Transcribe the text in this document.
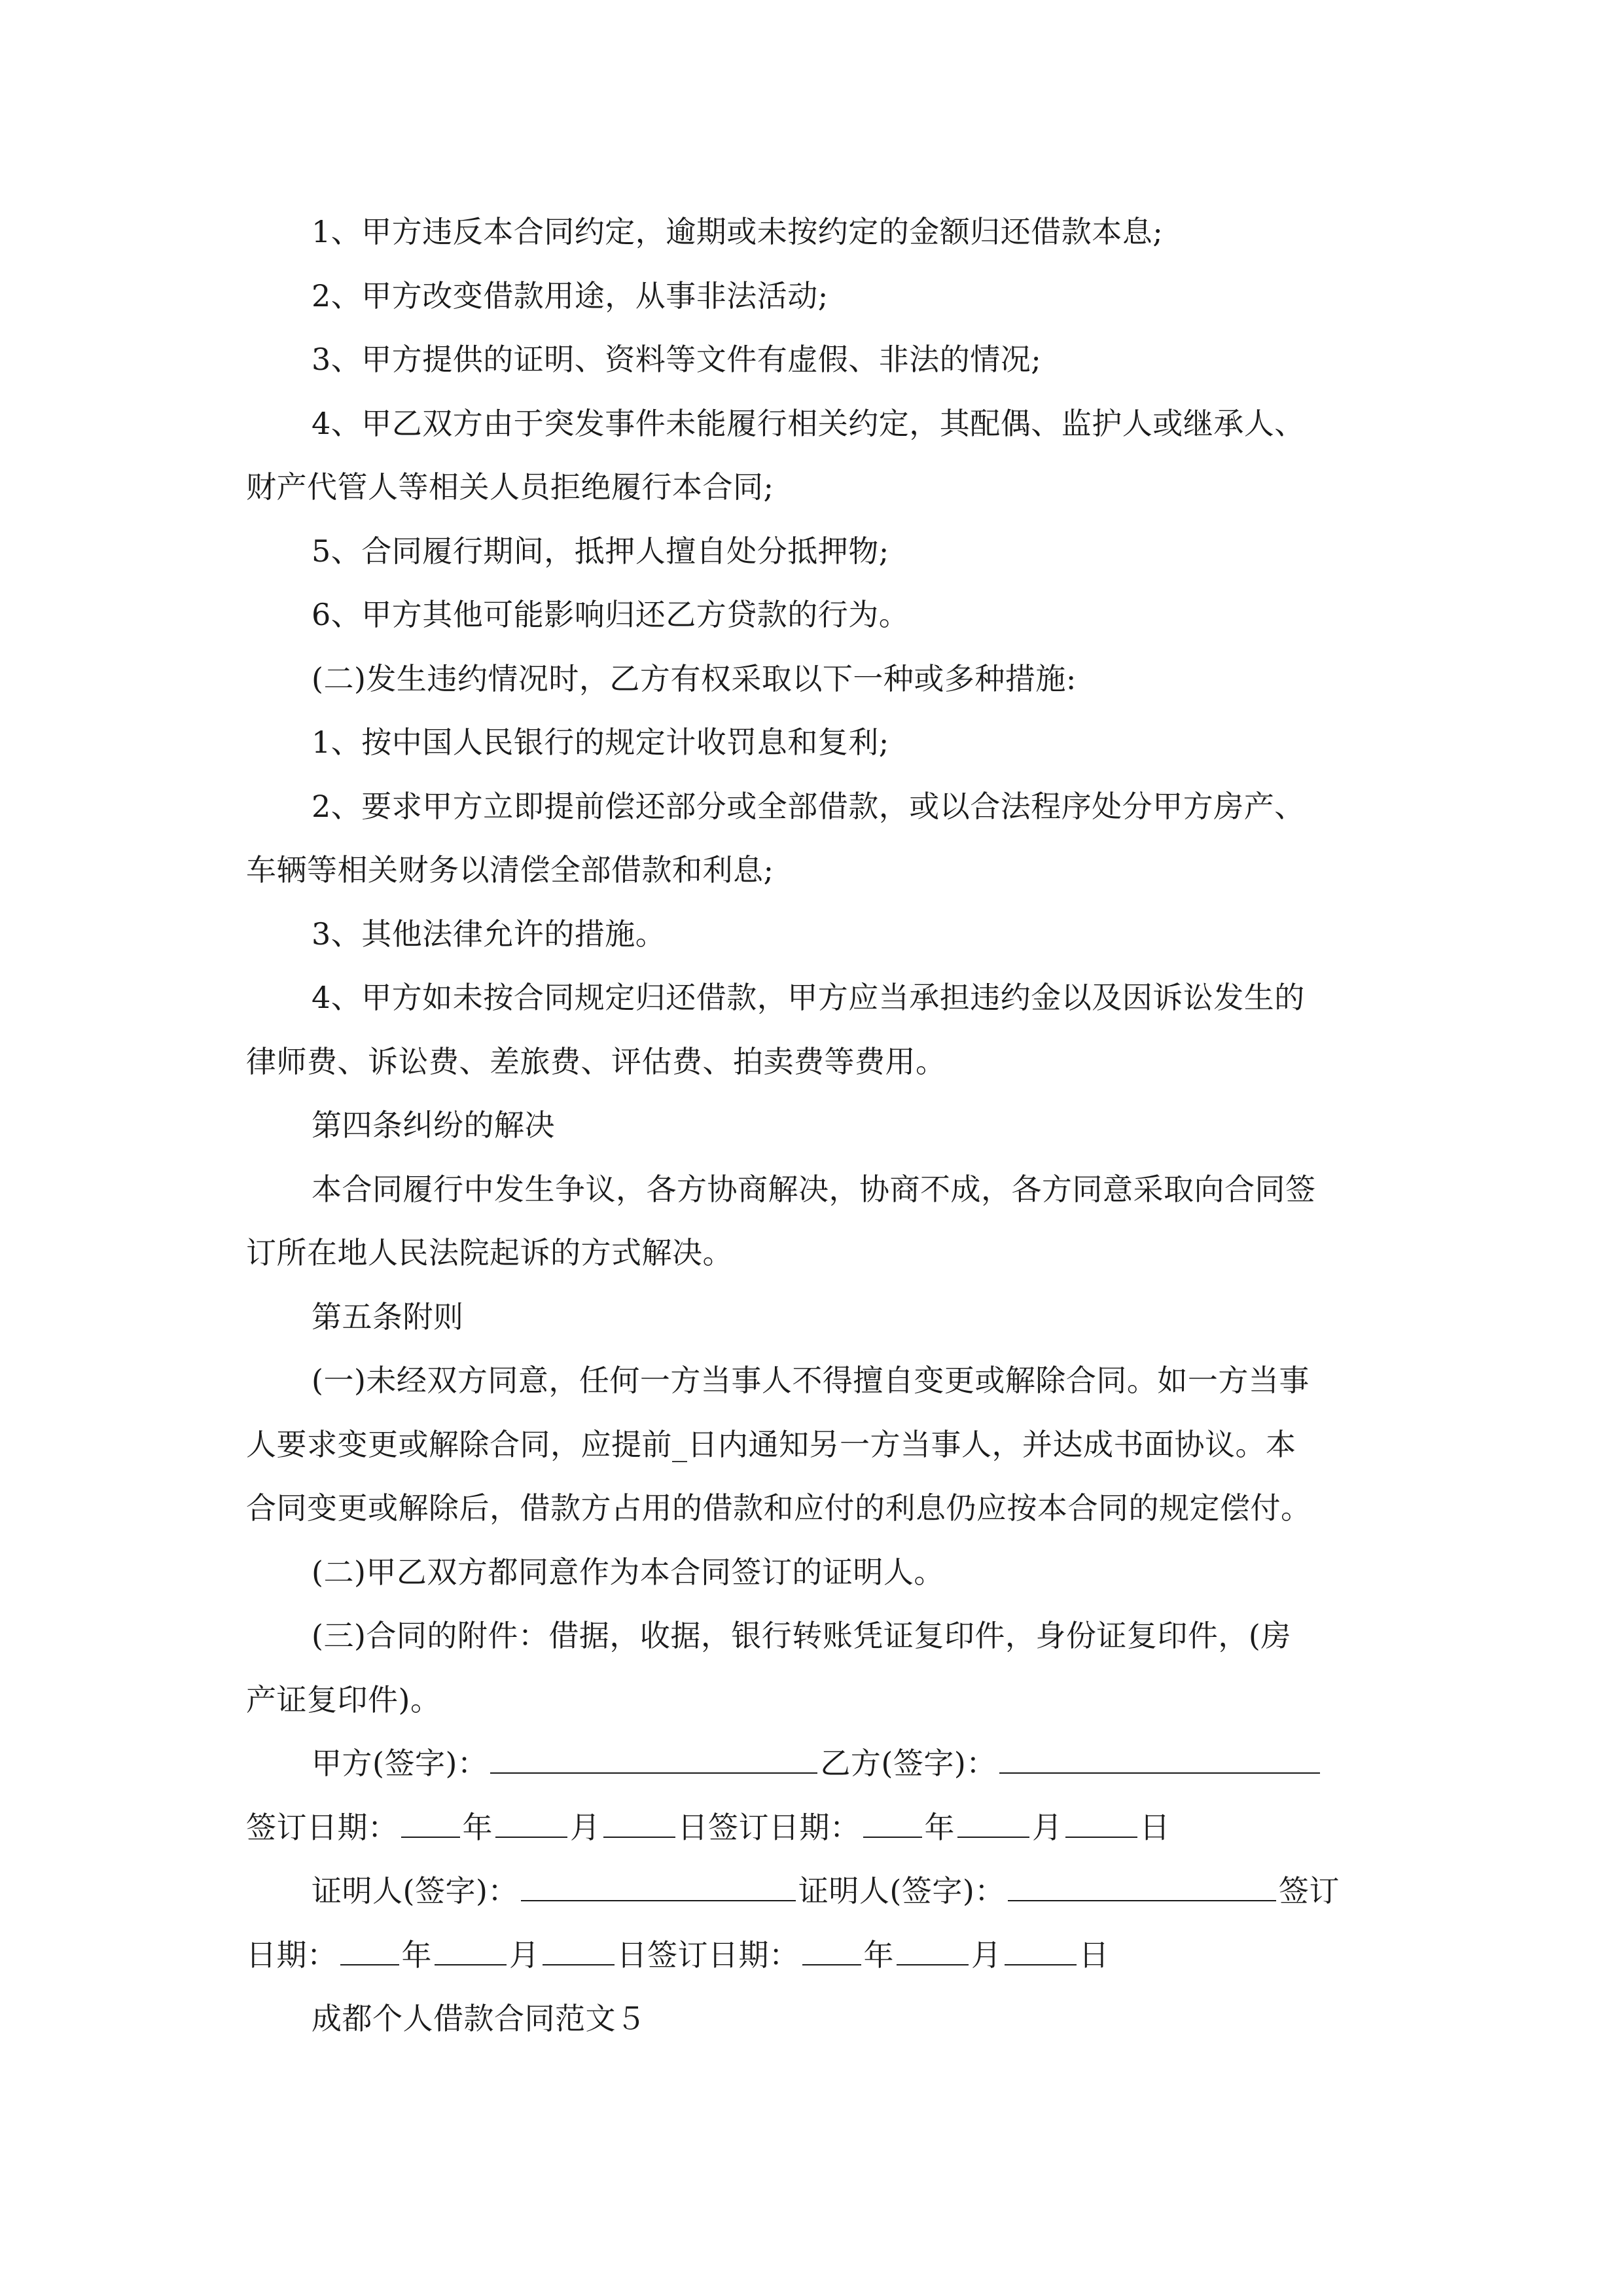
1、甲方违反本合同约定，逾期或未按约定的金额归还借款本息;
2、甲方改变借款用途，从事非法活动;
3、甲方提供的证明、资料等文件有虚假、非法的情况;
4、甲乙双方由于突发事件未能履行相关约定，其配偶、监护人或继承人、
财产代管人等相关人员拒绝履行本合同;
5、合同履行期间，抵押人擅自处分抵押物;
6、甲方其他可能影响归还乙方贷款的行为。
(二)发生违约情况时，乙方有权采取以下一种或多种措施:
1、按中国人民银行的规定计收罚息和复利;
2、要求甲方立即提前偿还部分或全部借款，或以合法程序处分甲方房产、
车辆等相关财务以清偿全部借款和利息;
3、其他法律允许的措施。
4、甲方如未按合同规定归还借款，甲方应当承担违约金以及因诉讼发生的
律师费、诉讼费、差旅费、评估费、拍卖费等费用。
第四条纠纷的解决
本合同履行中发生争议，各方协商解决，协商不成，各方同意采取向合同签
订所在地人民法院起诉的方式解决。
第五条附则
(一)未经双方同意，任何一方当事人不得擅自变更或解除合同。如一方当事
人要求变更或解除合同，应提前_日内通知另一方当事人，并达成书面协议。本
合同变更或解除后，借款方占用的借款和应付的利息仍应按本合同的规定偿付。
(二)甲乙双方都同意作为本合同签订的证明人。
(三)合同的附件：借据，收据，银行转账凭证复印件，身份证复印件，(房
产证复印件)。
甲方(签字)：	乙方(签字)：
签订日期： 年	月	日签订日期： 年	月	日
证明人(签字)：	证明人(签字)：	签订
日期： 年	月	日签订日期： 年	月	日
成都个人借款合同范文５
